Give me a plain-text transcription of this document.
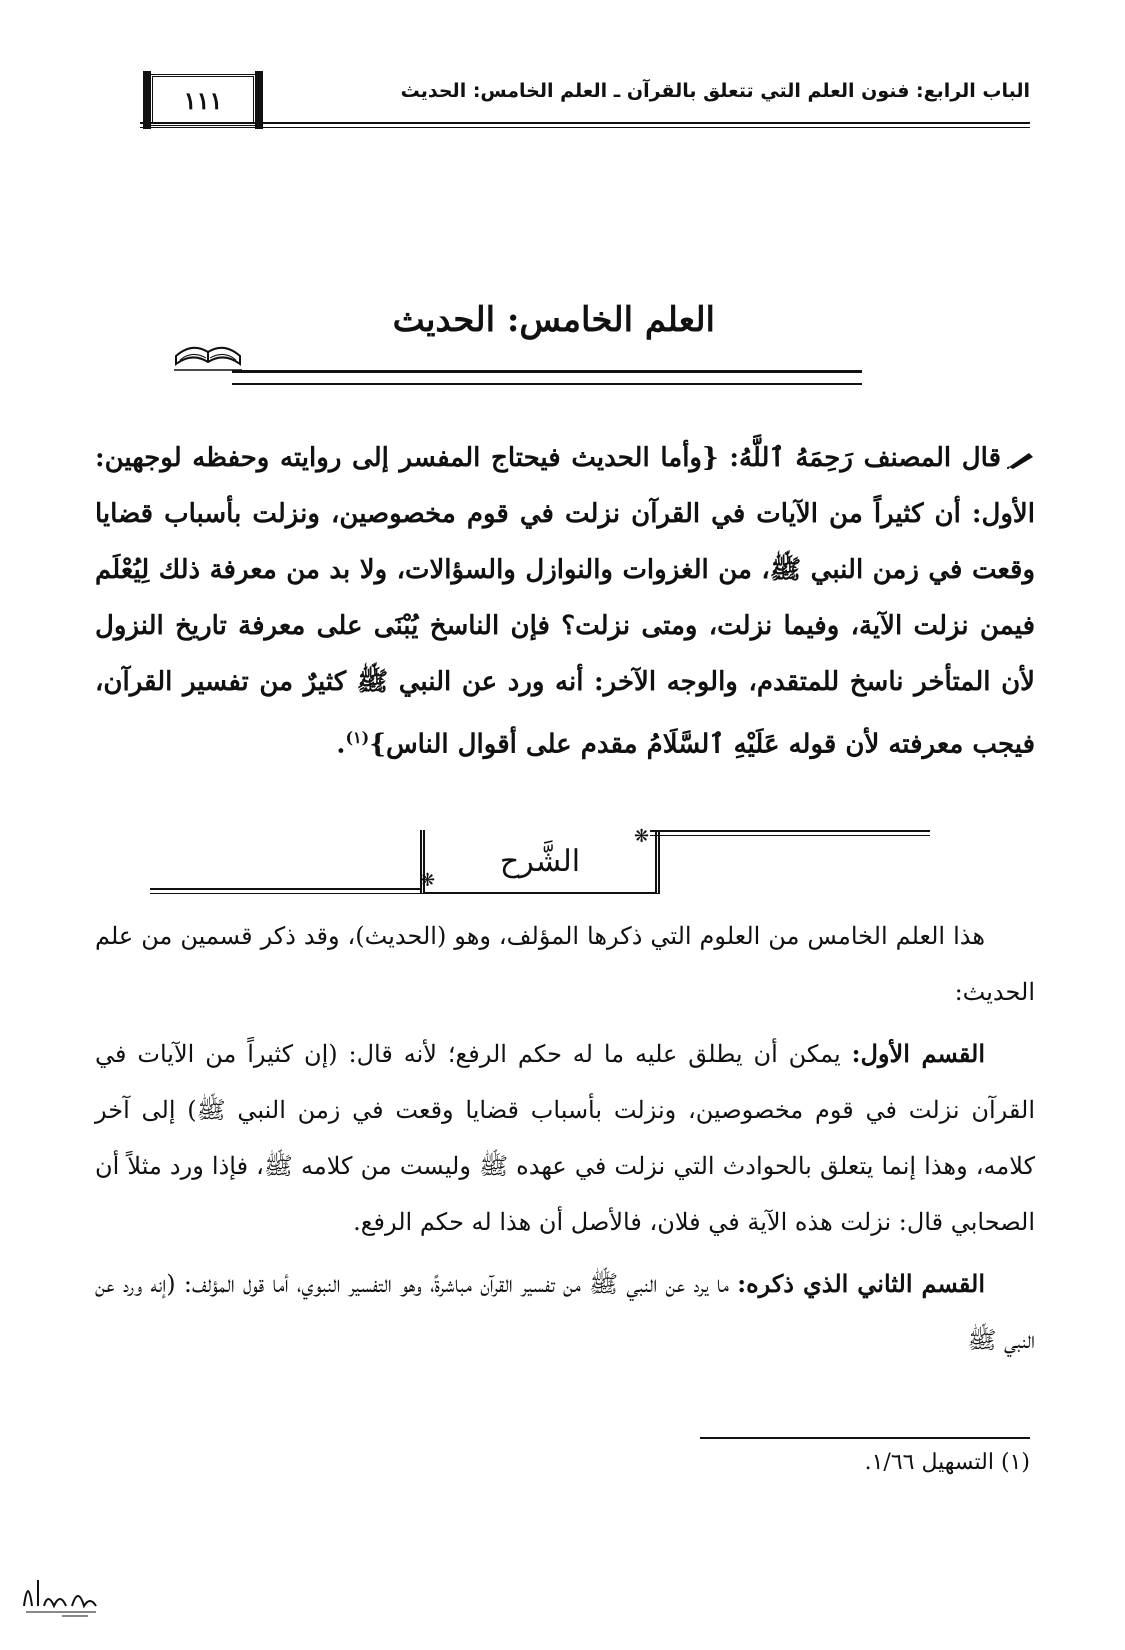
الباب الرابع: فنون العلم التي تتعلق بالقرآن ـ العلم الخامس: الحديث
١١١
العلم الخامس: الحديث
قال المصنف رَحِمَهُ ٱللَّهُ: {وأما الحديث فيحتاج المفسر إلى روايته وحفظه لوجهين: الأول: أن كثيراً من الآيات في القرآن نزلت في قوم مخصوصين، ونزلت بأسباب قضايا وقعت في زمن النبي ﷺ، من الغزوات والنوازل والسؤالات، ولا بد من معرفة ذلك لِيُعْلَم فيمن نزلت الآية، وفيما نزلت، ومتى نزلت؟ فإن الناسخ يُبْنَى على معرفة تاريخ النزول لأن المتأخر ناسخ للمتقدم، والوجه الآخر: أنه ورد عن النبي ﷺ كثيرٌ من تفسير القرآن، فيجب معرفته لأن قوله عَلَيْهِ ٱلسَّلَامُ مقدم على أقوال الناس}$^{(١)}$.
الشَّرح
❋
❋

هذا العلم الخامس من العلوم التي ذكرها المؤلف، وهو (الحديث)، وقد ذكر قسمين من علم الحديث:

القسم الأول: يمكن أن يطلق عليه ما له حكم الرفع؛ لأنه قال: (إن كثيراً من الآيات في القرآن نزلت في قوم مخصوصين، ونزلت بأسباب قضايا وقعت في زمن النبي ﷺ) إلى آخر كلامه، وهذا إنما يتعلق بالحوادث التي نزلت في عهده ﷺ وليست من كلامه ﷺ، فإذا ورد مثلاً أن الصحابي قال: نزلت هذه الآية في فلان، فالأصل أن هذا له حكم الرفع.

القسم الثاني الذي ذكره: ما يرد عن النبي ﷺ من تفسير القرآن مباشرةً، وهو التفسير النبوي، أما قول المؤلف: (إنه ورد عن النبي ﷺ

(١) التسهيل ١/٦٦.
